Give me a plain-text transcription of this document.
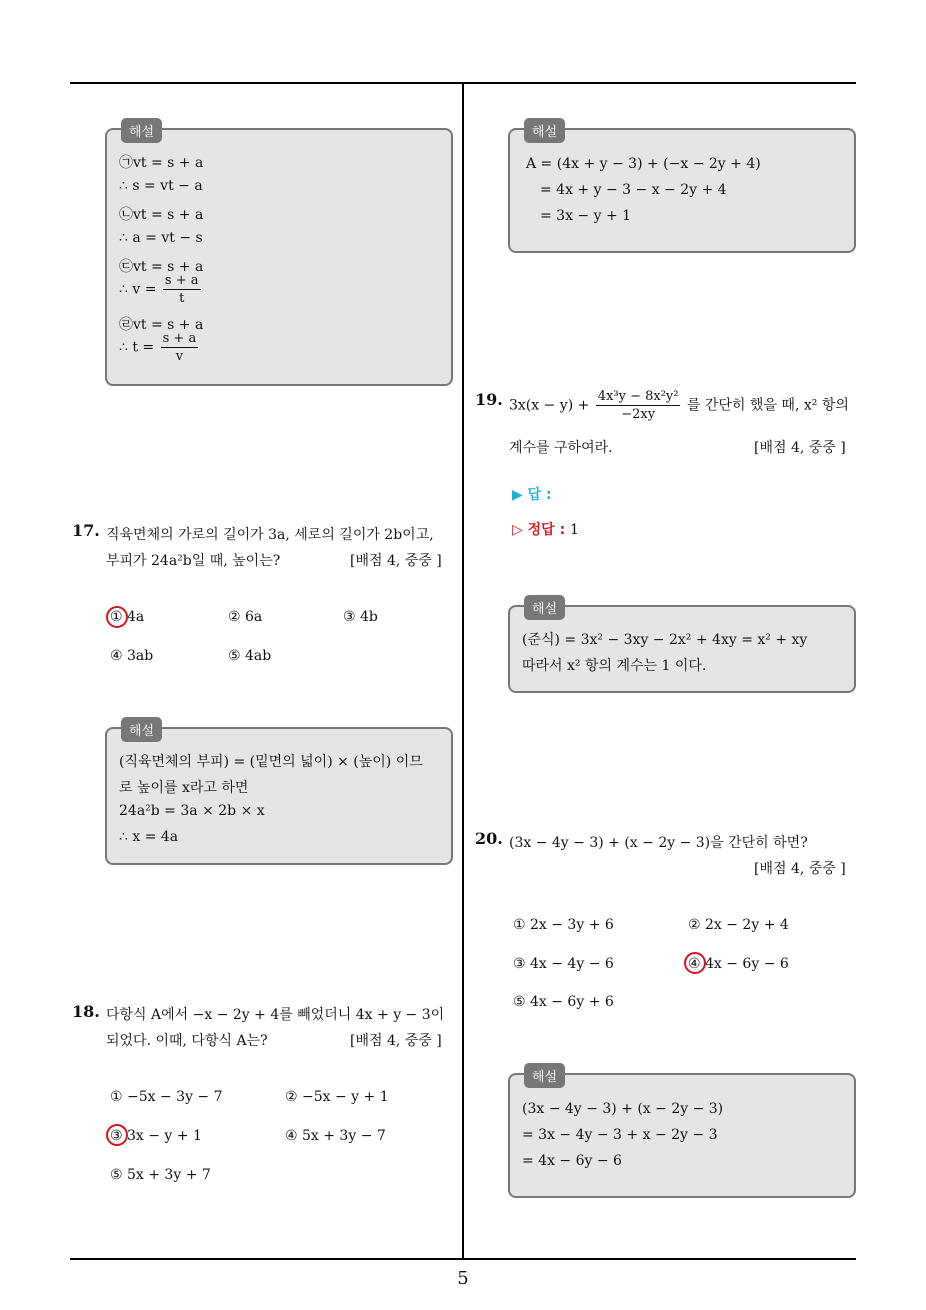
해설
㉠vt = s + a
∴ s = vt − a
㉡vt = s + a
∴ a = vt − s
㉢vt = s + a
∴ $v = \frac{s + a}{t}$
㉣vt = s + a
∴ $t = \frac{s + a}{v}$
17. 직육면체의 가로의 길이가 3a, 세로의 길이가 2b이고,
부피가 24a²b일 때, 높이는?	[배점 4, 중중 ]
① 4a	② 6a	③ 4b
④ 3ab	⑤ 4ab
해설
(직육면체의 부피) = (밑면의 넓이) × (높이) 이므
로 높이를 x라고 하면
24a²b = 3a × 2b × x
∴ x = 4a
18. 다항식 A에서 −x − 2y + 4를 빼었더니 4x + y − 3이
되었다. 이때, 다항식 A는?	[배점 4, 중중 ]
① −5x − 3y − 7	② −5x − y + 1
③ 3x − y + 1	④ 5x + 3y − 7
⑤ 5x + 3y + 7
해설
A = (4x + y − 3) + (−x − 2y + 4)
= 4x + y − 3 − x − 2y + 4
= 3x − y + 1
19. $3x(x - y) + \frac{\text{4x³y − 8x²y²}}{-2xy}$ 를 간단히 했을 때, x² 항의
계수를 구하여라.	[배점 4, 중중 ]
▶ 답 :
▷ 정답 : 1
해설
(준식) = 3x² − 3xy − 2x² + 4xy = x² + xy
따라서 x² 항의 계수는 1 이다.
20. (3x − 4y − 3) + (x − 2y − 3)을 간단히 하면?
[배점 4, 중중 ]
① 2x − 3y + 6	② 2x − 2y + 4
③ 4x − 4y − 6	④ 4x − 6y − 6
⑤ 4x − 6y + 6
해설
(3x − 4y − 3) + (x − 2y − 3)
= 3x − 4y − 3 + x − 2y − 3
= 4x − 6y − 6
5
